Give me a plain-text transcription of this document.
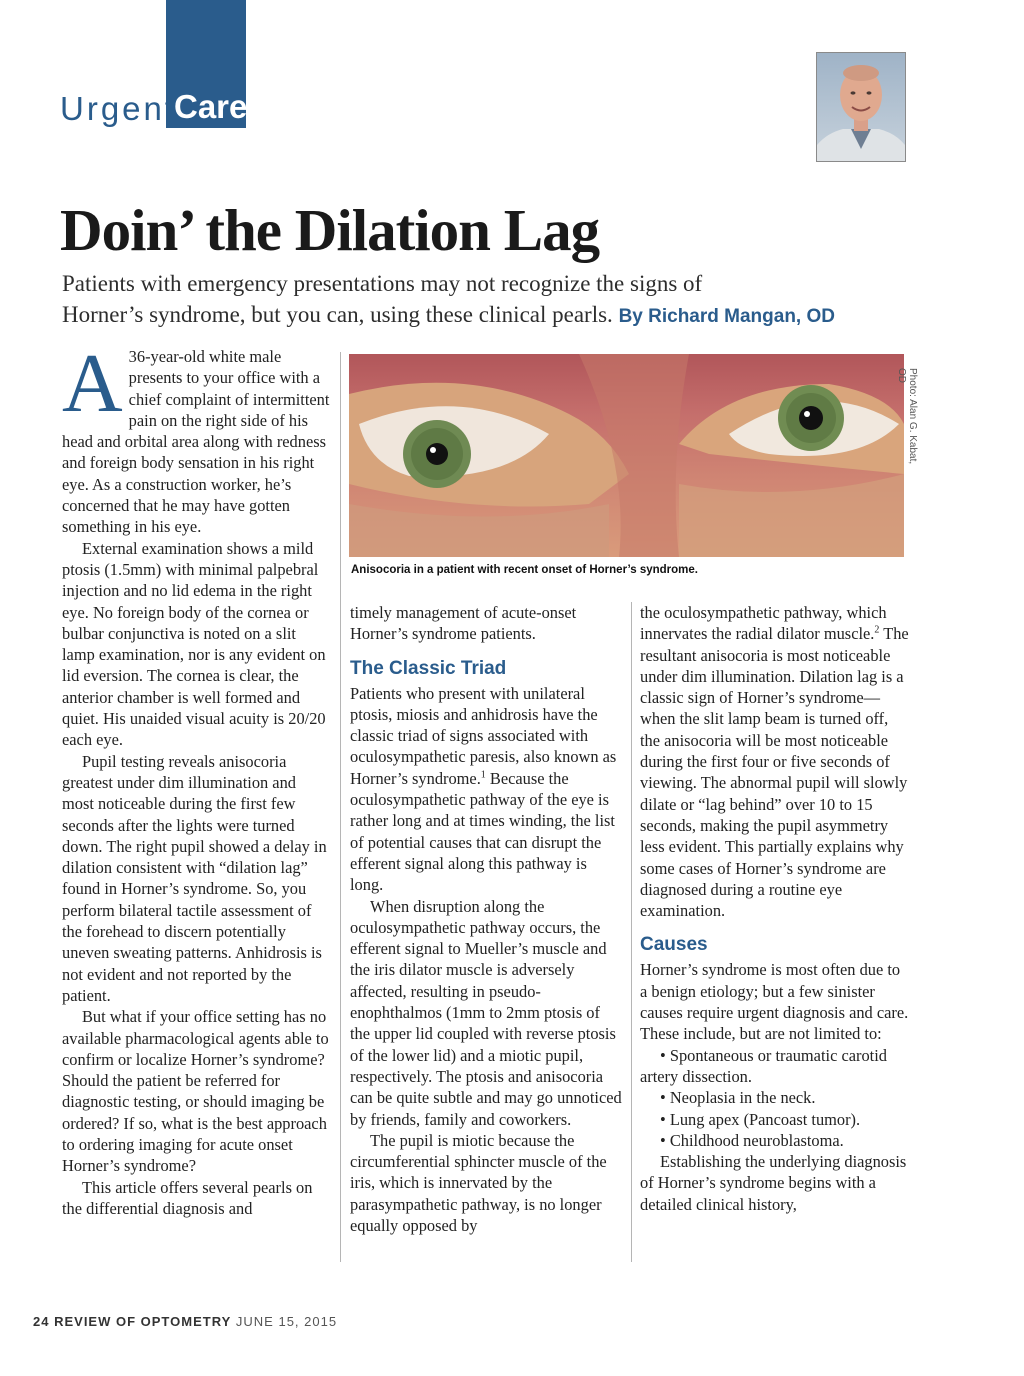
Urgent
Care
Doin’ the Dilation Lag
Patients with emergency presentations may not recognize the signs of
Horner’s syndrome, but you can, using these clinical pearls. By Richard Mangan, OD

A 36-year-old white male presents to your office with a chief complaint of intermittent pain on the right side of his head and orbital area along with redness and foreign body sensation in his right eye. As a construction worker, he’s concerned that he may have gotten something in his eye.

External examination shows a mild ptosis (1.5mm) with minimal palpebral injection and no lid edema in the right eye. No foreign body of the cornea or bulbar conjunctiva is noted on a slit lamp examination, nor is any evident on lid eversion. The cornea is clear, the anterior chamber is well formed and quiet. His unaided visual acuity is 20/20 each eye.

Pupil testing reveals anisocoria greatest under dim illumination and most noticeable during the first few seconds after the lights were turned down. The right pupil showed a delay in dilation consistent with “dilation lag” found in Horner’s syndrome. So, you perform bilateral tactile assessment of the forehead to discern potentially uneven sweating patterns. Anhidrosis is not evident and not reported by the patient.

But what if your office setting has no available pharmacological agents able to confirm or localize Horner’s syndrome? Should the patient be referred for diagnostic testing, or should imaging be ordered? If so, what is the best approach to ordering imaging for acute onset Horner’s syndrome?

This article offers several pearls on the differential diagnosis and

Photo: Alan G. Kabat, OD
Anisocoria in a patient with recent onset of Horner’s syndrome.

timely management of acute-onset Horner’s syndrome patients.

The Classic Triad

Patients who present with unilateral ptosis, miosis and anhidrosis have the classic triad of signs associated with oculosympathetic paresis, also known as Horner’s syndrome.$^1$ Because the oculosympathetic pathway of the eye is rather long and at times winding, the list of potential causes that can disrupt the efferent signal along this pathway is long.

When disruption along the oculosympathetic pathway occurs, the efferent signal to Mueller’s muscle and the iris dilator muscle is adversely affected, resulting in pseudo-enophthalmos (1mm to 2mm ptosis of the upper lid coupled with reverse ptosis of the lower lid) and a miotic pupil, respectively. The ptosis and anisocoria can be quite subtle and may go unnoticed by friends, family and coworkers.

The pupil is miotic because the circumferential sphincter muscle of the iris, which is innervated by the parasympathetic pathway, is no longer equally opposed by

the oculosympathetic pathway, which innervates the radial dilator muscle.$^2$ The resultant anisocoria is most noticeable under dim illumination. Dilation lag is a classic sign of Horner’s syndrome—when the slit lamp beam is turned off, the anisocoria will be most noticeable during the first four or five seconds of viewing. The abnormal pupil will slowly dilate or “lag behind” over 10 to 15 seconds, making the pupil asymmetry less evident. This partially explains why some cases of Horner’s syndrome are diagnosed during a routine eye examination.

Causes

Horner’s syndrome is most often due to a benign etiology; but a few sinister causes require urgent diagnosis and care. These include, but are not limited to:

• Spontaneous or traumatic carotid artery dissection.

• Neoplasia in the neck.

• Lung apex (Pancoast tumor).

• Childhood neuroblastoma.

Establishing the underlying diagnosis of Horner’s syndrome begins with a detailed clinical history,

24 REVIEW OF OPTOMETRY JUNE 15, 2015
